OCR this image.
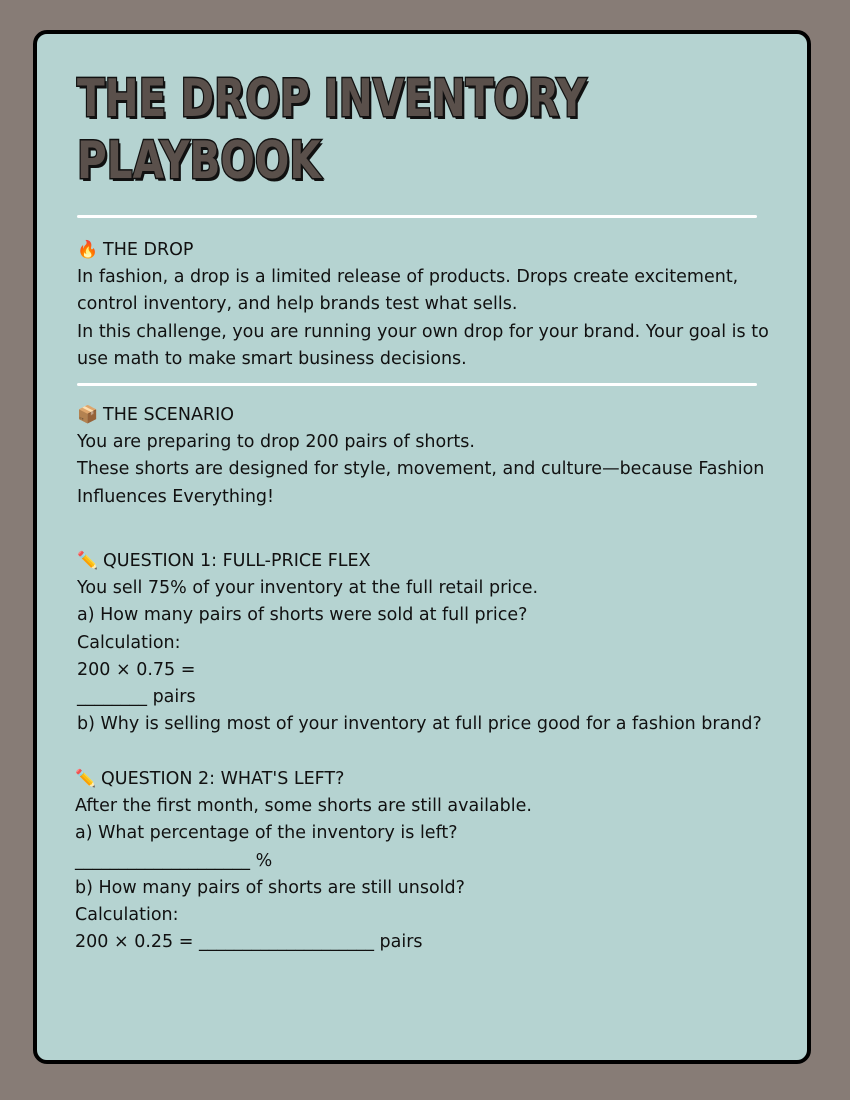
THE DROP INVENTORY PLAYBOOK

🔥 THE DROP

In fashion, a drop is a limited release of products. Drops create excitement, control inventory, and help brands test what sells.

In this challenge, you are running your own drop for your brand. Your goal is to use math to make smart business decisions.

📦 THE SCENARIO

You are preparing to drop 200 pairs of shorts.

These shorts are designed for style, movement, and culture—because Fashion Influences Everything!

✏️ QUESTION 1: FULL-PRICE FLEX

You sell 75% of your inventory at the full retail price.

a) How many pairs of shorts were sold at full price?

Calculation:

200 × 0.75 =

________ pairs

b) Why is selling most of your inventory at full price good for a fashion brand?

✏️ QUESTION 2: WHAT'S LEFT?

After the first month, some shorts are still available.

a) What percentage of the inventory is left?

____________________ %

b) How many pairs of shorts are still unsold?

Calculation:

200 × 0.25 = ____________________ pairs
